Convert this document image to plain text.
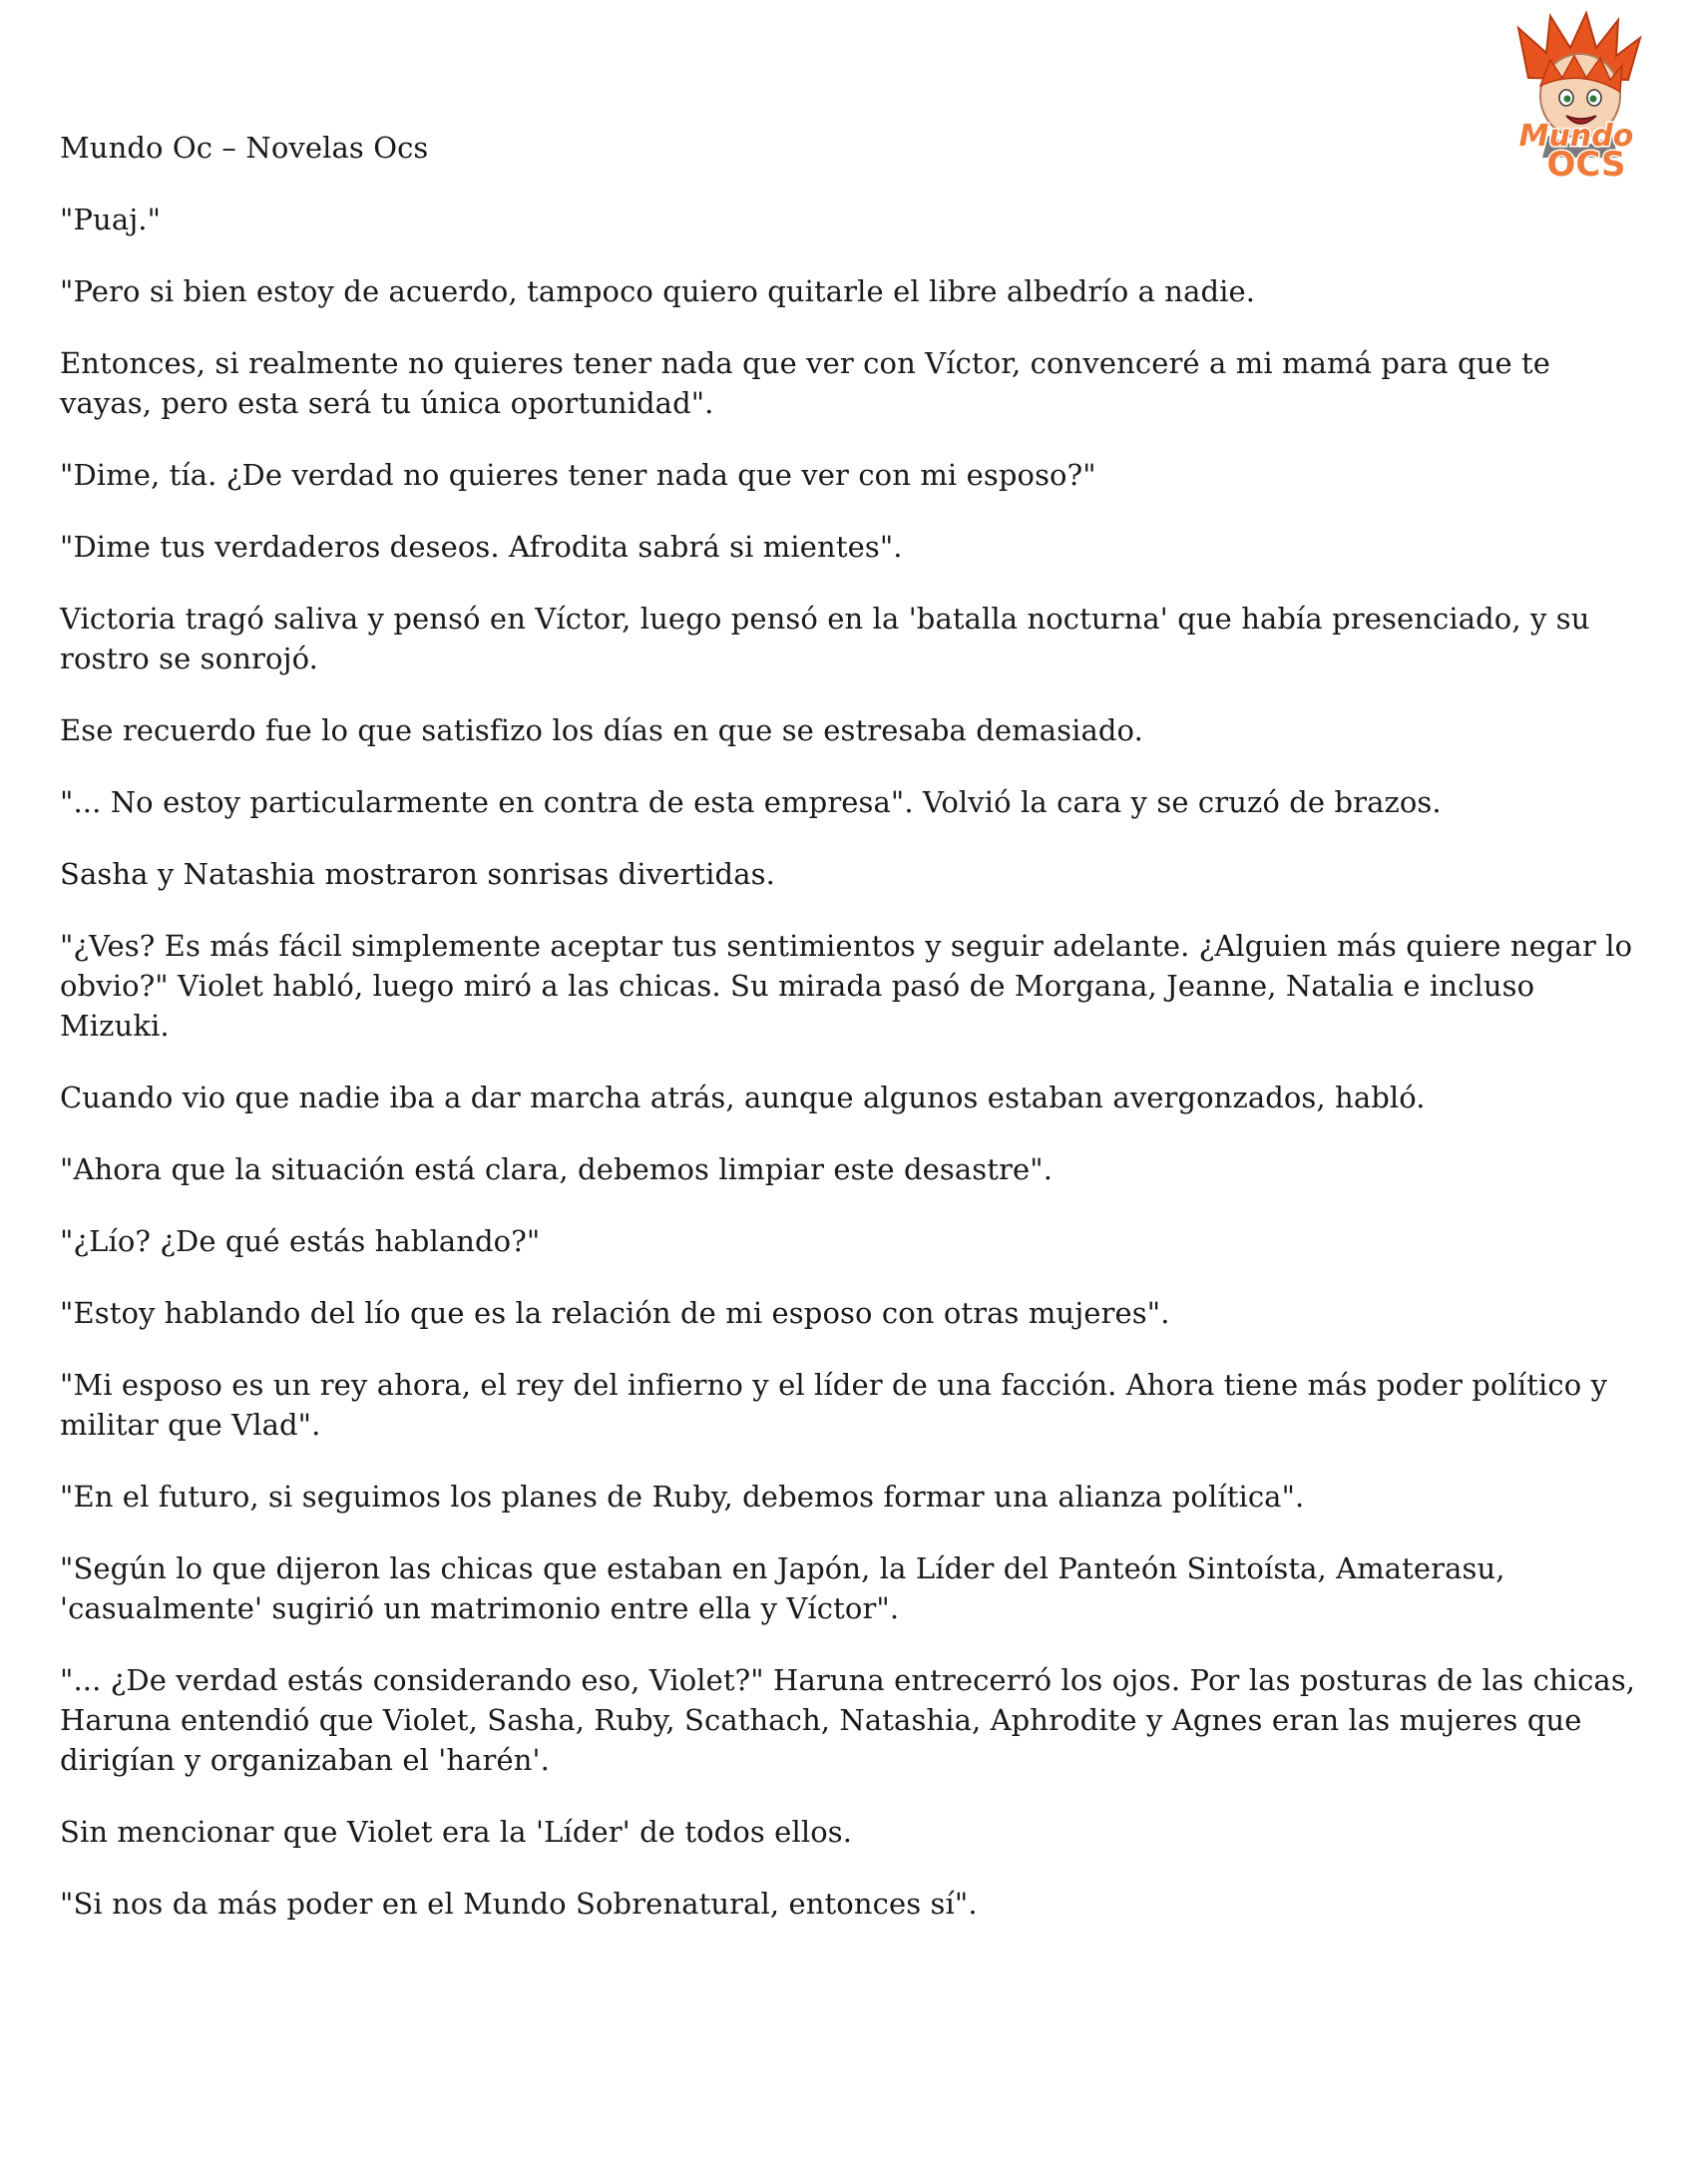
Mundo
OCS

Mundo Oc – Novelas Ocs

"Puaj."

"Pero si bien estoy de acuerdo, tampoco quiero quitarle el libre albedrío a nadie.

Entonces, si realmente no quieres tener nada que ver con Víctor, convenceré a mi mamá para que te vayas, pero esta será tu única oportunidad".

"Dime, tía. ¿De verdad no quieres tener nada que ver con mi esposo?"

"Dime tus verdaderos deseos. Afrodita sabrá si mientes".

Victoria tragó saliva y pensó en Víctor, luego pensó en la 'batalla nocturna' que había presenciado, y su rostro se sonrojó.

Ese recuerdo fue lo que satisfizo los días en que se estresaba demasiado.

"... No estoy particularmente en contra de esta empresa". Volvió la cara y se cruzó de brazos.

Sasha y Natashia mostraron sonrisas divertidas.

"¿Ves? Es más fácil simplemente aceptar tus sentimientos y seguir adelante. ¿Alguien más quiere negar lo obvio?" Violet habló, luego miró a las chicas. Su mirada pasó de Morgana, Jeanne, Natalia e incluso Mizuki.

Cuando vio que nadie iba a dar marcha atrás, aunque algunos estaban avergonzados, habló.

"Ahora que la situación está clara, debemos limpiar este desastre".

"¿Lío? ¿De qué estás hablando?"

"Estoy hablando del lío que es la relación de mi esposo con otras mujeres".

"Mi esposo es un rey ahora, el rey del infierno y el líder de una facción. Ahora tiene más poder político y militar que Vlad".

"En el futuro, si seguimos los planes de Ruby, debemos formar una alianza política".

"Según lo que dijeron las chicas que estaban en Japón, la Líder del Panteón Sintoísta, Amaterasu, 'casualmente' sugirió un matrimonio entre ella y Víctor".

"... ¿De verdad estás considerando eso, Violet?" Haruna entrecerró los ojos. Por las posturas de las chicas, Haruna entendió que Violet, Sasha, Ruby, Scathach, Natashia, Aphrodite y Agnes eran las mujeres que dirigían y organizaban el 'harén'.

Sin mencionar que Violet era la 'Líder' de todos ellos.

"Si nos da más poder en el Mundo Sobrenatural, entonces sí".
